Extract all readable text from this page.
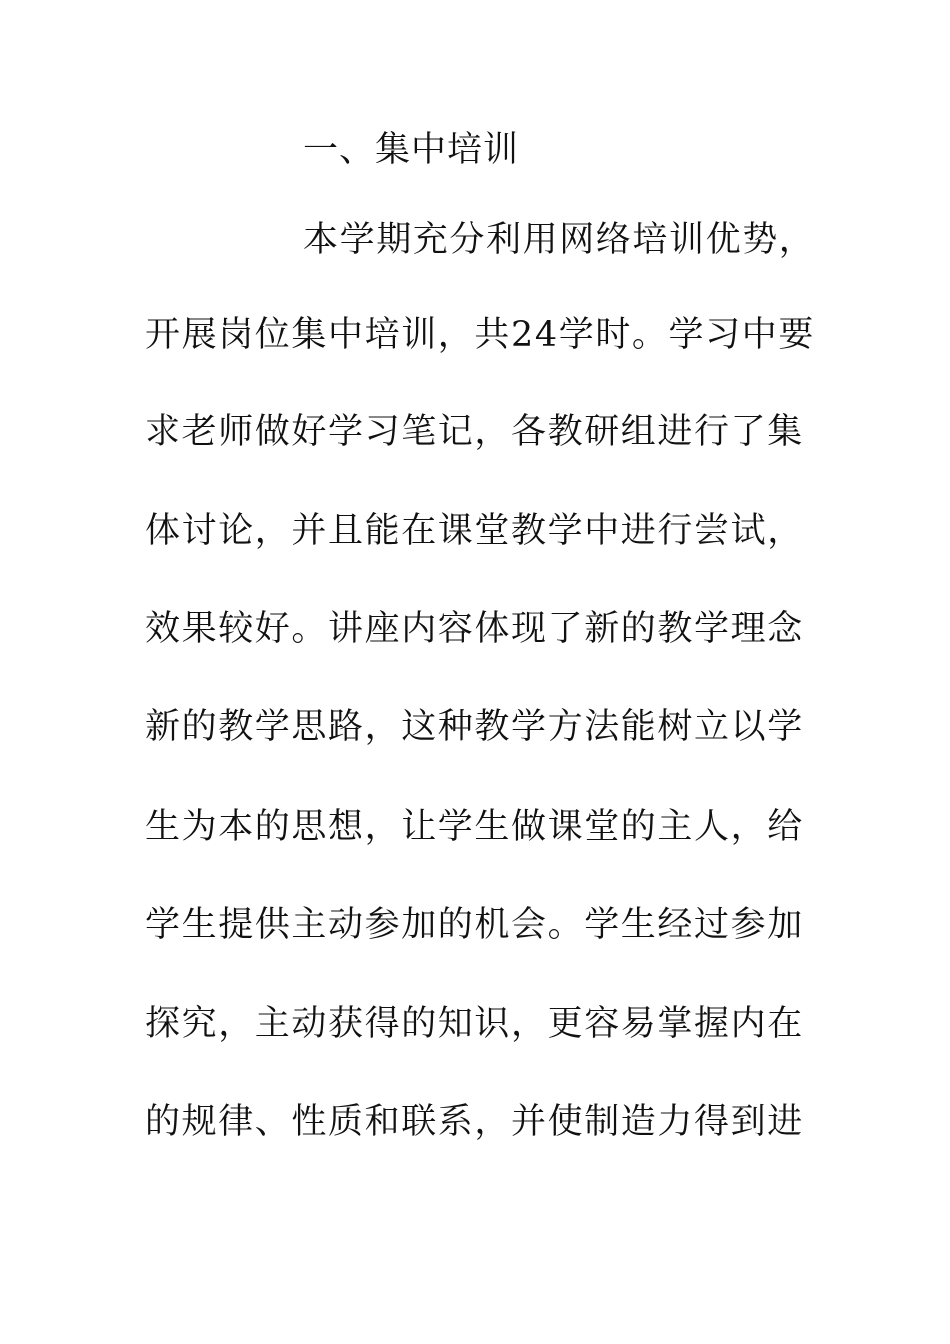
一、集中培训
本学期充分利用网络培训优势，
开展岗位集中培训，共24学时。学习中要
求老师做好学习笔记，各教研组进行了集
体讨论，并且能在课堂教学中进行尝试，
效果较好。讲座内容体现了新的教学理念
新的教学思路，这种教学方法能树立以学
生为本的思想，让学生做课堂的主人，给
学生提供主动参加的机会。学生经过参加
探究，主动获得的知识，更容易掌握内在
的规律、性质和联系，并使制造力得到进
